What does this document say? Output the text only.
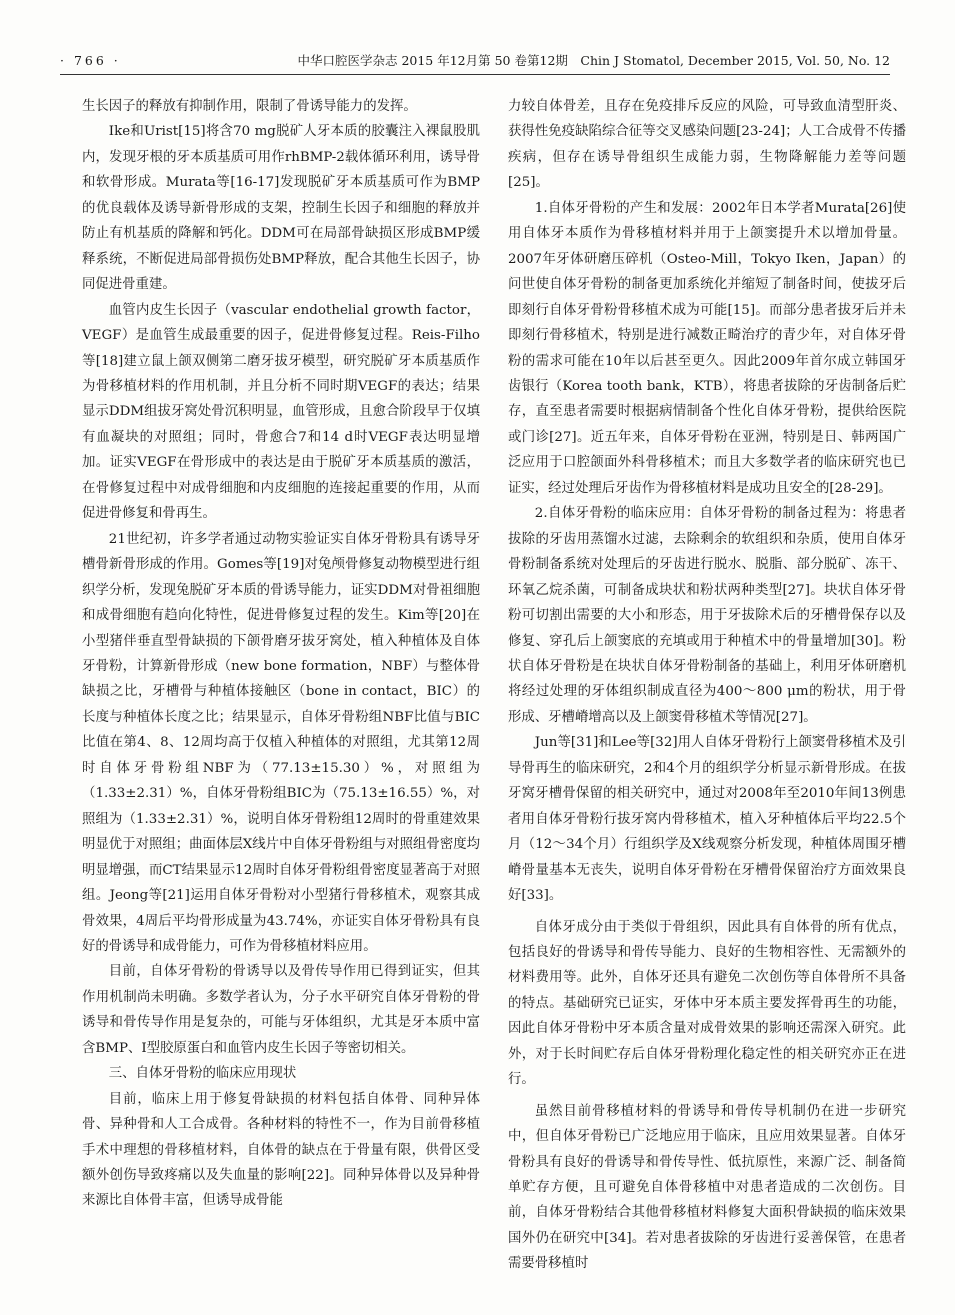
· 766 ·	中华口腔医学杂志 2015 年12月第 50 卷第12期　Chin J Stomatol, December 2015, Vol. 50, No. 12

生长因子的释放有抑制作用，限制了骨诱导能力的发挥。

Ike和Urist[15]将含70 mg脱矿人牙本质的胶囊注入裸鼠股肌内，发现牙根的牙本质基质可用作rhBMP-2载体循环利用，诱导骨和软骨形成。Murata等[16-17]发现脱矿牙本质基质可作为BMP的优良载体及诱导新骨形成的支架，控制生长因子和细胞的释放并防止有机基质的降解和钙化。DDM可在局部骨缺损区形成BMP缓释系统，不断促进局部骨损伤处BMP释放，配合其他生长因子，协同促进骨重建。

血管内皮生长因子（vascular endothelial growth factor，VEGF）是血管生成最重要的因子，促进骨修复过程。Reis-Filho等[18]建立鼠上颌双侧第二磨牙拔牙模型，研究脱矿牙本质基质作为骨移植材料的作用机制，并且分析不同时期VEGF的表达；结果显示DDM组拔牙窝处骨沉积明显，血管形成，且愈合阶段早于仅填有血凝块的对照组；同时，骨愈合7和14 d时VEGF表达明显增加。证实VEGF在骨形成中的表达是由于脱矿牙本质基质的激活，在骨修复过程中对成骨细胞和内皮细胞的连接起重要的作用，从而促进骨修复和骨再生。

21世纪初，许多学者通过动物实验证实自体牙骨粉具有诱导牙槽骨新骨形成的作用。Gomes等[19]对兔颅骨修复动物模型进行组织学分析，发现兔脱矿牙本质的骨诱导能力，证实DDM对骨祖细胞和成骨细胞有趋向化特性，促进骨修复过程的发生。Kim等[20]在小型猪伴垂直型骨缺损的下颌骨磨牙拔牙窝处，植入种植体及自体牙骨粉，计算新骨形成（new bone formation，NBF）与整体骨缺损之比，牙槽骨与种植体接触区（bone in contact，BIC）的长度与种植体长度之比；结果显示，自体牙骨粉组NBF比值与BIC比值在第4、8、12周均高于仅植入种植体的对照组，尤其第12周时自体牙骨粉组NBF为（77.13±15.30）%，对照组为（1.33±2.31）%，自体牙骨粉组BIC为（75.13±16.55）%，对照组为（1.33±2.31）%，说明自体牙骨粉组12周时的骨重建效果明显优于对照组；曲面体层X线片中自体牙骨粉组与对照组骨密度均明显增强，而CT结果显示12周时自体牙骨粉组骨密度显著高于对照组。Jeong等[21]运用自体牙骨粉对小型猪行骨移植术，观察其成骨效果，4周后平均骨形成量为43.74%，亦证实自体牙骨粉具有良好的骨诱导和成骨能力，可作为骨移植材料应用。

目前，自体牙骨粉的骨诱导以及骨传导作用已得到证实，但其作用机制尚未明确。多数学者认为，分子水平研究自体牙骨粉的骨诱导和骨传导作用是复杂的，可能与牙体组织，尤其是牙本质中富含BMP、I型胶原蛋白和血管内皮生长因子等密切相关。

三、自体牙骨粉的临床应用现状

目前，临床上用于修复骨缺损的材料包括自体骨、同种异体骨、异种骨和人工合成骨。各种材料的特性不一，作为目前骨移植手术中理想的骨移植材料，自体骨的缺点在于骨量有限，供骨区受额外创伤导致疼痛以及失血量的影响[22]。同种异体骨以及异种骨来源比自体骨丰富，但诱导成骨能

力较自体骨差，且存在免疫排斥反应的风险，可导致血清型肝炎、获得性免疫缺陷综合征等交叉感染问题[23-24]；人工合成骨不传播疾病，但存在诱导骨组织生成能力弱，生物降解能力差等问题[25]。

1.自体牙骨粉的产生和发展：2002年日本学者Murata[26]使用自体牙本质作为骨移植材料并用于上颌窦提升术以增加骨量。2007年牙体研磨压碎机（Osteo-Mill，Tokyo Iken，Japan）的问世使自体牙骨粉的制备更加系统化并缩短了制备时间，使拔牙后即刻行自体牙骨粉骨移植术成为可能[15]。而部分患者拔牙后并未即刻行骨移植术，特别是进行减数正畸治疗的青少年，对自体牙骨粉的需求可能在10年以后甚至更久。因此2009年首尔成立韩国牙齿银行（Korea tooth bank，KTB），将患者拔除的牙齿制备后贮存，直至患者需要时根据病情制备个性化自体牙骨粉，提供给医院或门诊[27]。近五年来，自体牙骨粉在亚洲，特别是日、韩两国广泛应用于口腔颌面外科骨移植术；而且大多数学者的临床研究也已证实，经过处理后牙齿作为骨移植材料是成功且安全的[28-29]。

2.自体牙骨粉的临床应用：自体牙骨粉的制备过程为：将患者拔除的牙齿用蒸馏水过滤，去除剩余的软组织和杂质，使用自体牙骨粉制备系统对处理后的牙齿进行脱水、脱脂、部分脱矿、冻干、环氧乙烷杀菌，可制备成块状和粉状两种类型[27]。块状自体牙骨粉可切割出需要的大小和形态，用于牙拔除术后的牙槽骨保存以及修复、穿孔后上颌窦底的充填或用于种植术中的骨量增加[30]。粉状自体牙骨粉是在块状自体牙骨粉制备的基础上，利用牙体研磨机将经过处理的牙体组织制成直径为400～800 μm的粉状，用于骨形成、牙槽嵴增高以及上颌窦骨移植术等情况[27]。

Jun等[31]和Lee等[32]用人自体牙骨粉行上颌窦骨移植术及引导骨再生的临床研究，2和4个月的组织学分析显示新骨形成。在拔牙窝牙槽骨保留的相关研究中，通过对2008年至2010年间13例患者用自体牙骨粉行拔牙窝内骨移植术，植入牙种植体后平均22.5个月（12～34个月）行组织学及X线观察分析发现，种植体周围牙槽嵴骨量基本无丧失，说明自体牙骨粉在牙槽骨保留治疗方面效果良好[33]。

自体牙成分由于类似于骨组织，因此具有自体骨的所有优点，包括良好的骨诱导和骨传导能力、良好的生物相容性、无需额外的材料费用等。此外，自体牙还具有避免二次创伤等自体骨所不具备的特点。基础研究已证实，牙体中牙本质主要发挥骨再生的功能，因此自体牙骨粉中牙本质含量对成骨效果的影响还需深入研究。此外，对于长时间贮存后自体牙骨粉理化稳定性的相关研究亦正在进行。

虽然目前骨移植材料的骨诱导和骨传导机制仍在进一步研究中，但自体牙骨粉已广泛地应用于临床，且应用效果显著。自体牙骨粉具有良好的骨诱导和骨传导性、低抗原性，来源广泛、制备简单贮存方便，且可避免自体骨移植中对患者造成的二次创伤。目前，自体牙骨粉结合其他骨移植材料修复大面积骨缺损的临床效果国外仍在研究中[34]。若对患者拔除的牙齿进行妥善保管，在患者需要骨移植时
